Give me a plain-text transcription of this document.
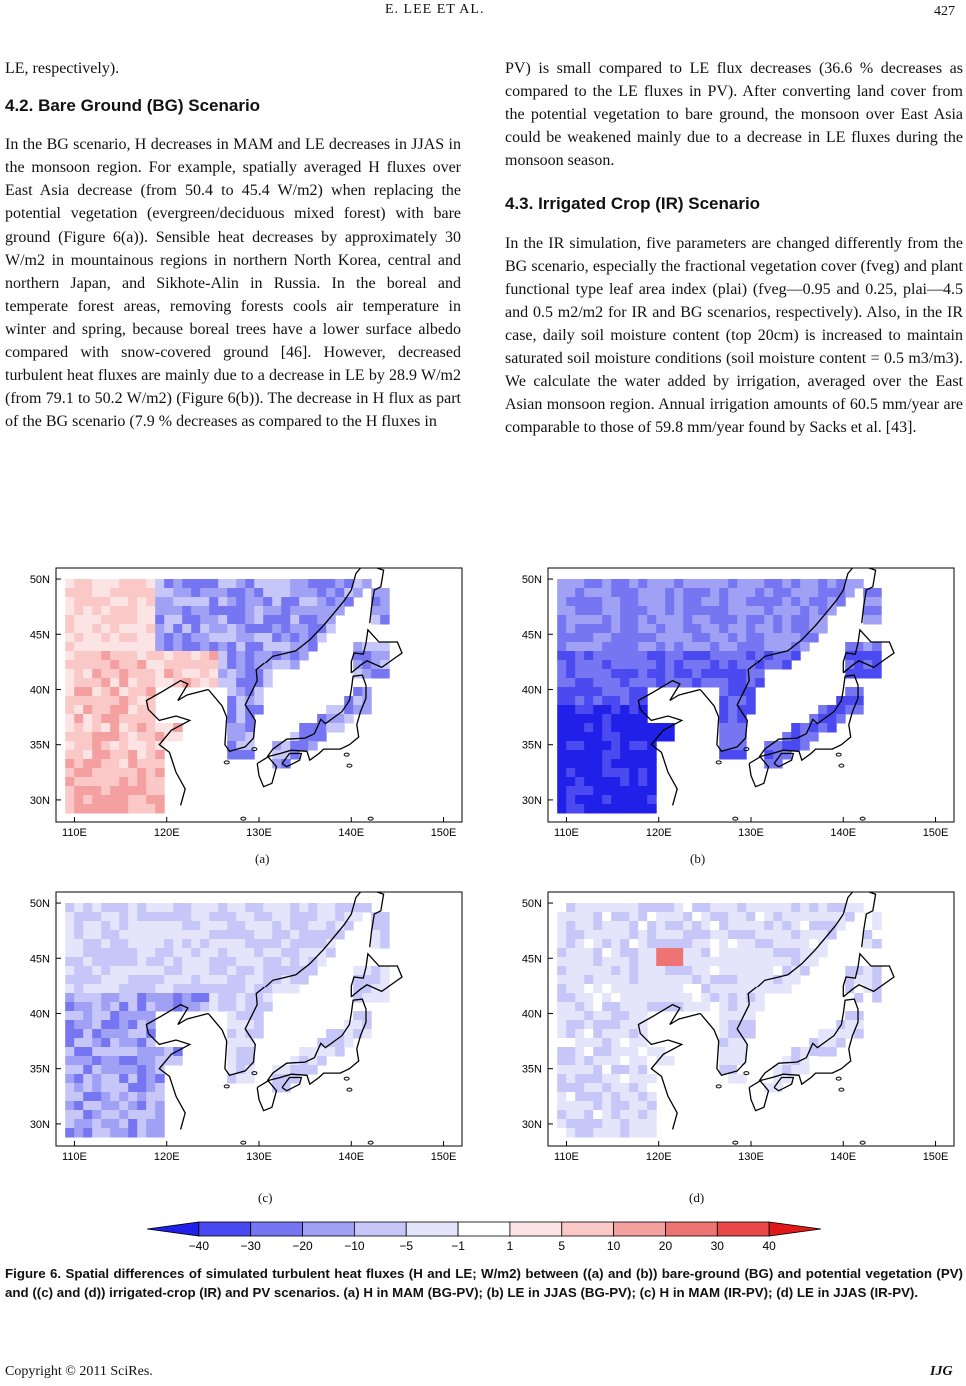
E. LEE ET AL.	427

LE, respectively).

4.2. Bare Ground (BG) Scenario

In the BG scenario, H decreases in MAM and LE decreases in JJAS in the monsoon region. For example, spatially averaged H fluxes over East Asia decrease (from 50.4 to 45.4 W/m2) when replacing the potential vegetation (evergreen/deciduous mixed forest) with bare ground (Figure 6(a)). Sensible heat decreases by approximately 30 W/m2 in mountainous regions in northern North Korea, central and northern Japan, and Sikhote-Alin in Russia. In the boreal and temperate forest areas, removing forests cools air temperature in winter and spring, because boreal trees have a lower surface albedo compared with snow-covered ground [46]. However, decreased turbulent heat fluxes are mainly due to a decrease in LE by 28.9 W/m2 (from 79.1 to 50.2 W/m2) (Figure 6(b)). The decrease in H flux as part of the BG scenario (7.9 % decreases as compared to the H fluxes in

PV) is small compared to LE flux decreases (36.6 % decreases as compared to the LE fluxes in PV). After converting land cover from the potential vegetation to bare ground, the monsoon over East Asia could be weakened mainly due to a decrease in LE fluxes during the monsoon season.

4.3. Irrigated Crop (IR) Scenario

In the IR simulation, five parameters are changed differently from the BG scenario, especially the fractional vegetation cover (fveg) and plant functional type leaf area index (plai) (fveg—0.95 and 0.25, plai—4.5 and 0.5 m2/m2 for IR and BG scenarios, respectively). Also, in the IR case, daily soil moisture content (top 20cm) is increased to maintain saturated soil moisture conditions (soil moisture content = 0.5 m3/m3). We calculate the water added by irrigation, averaged over the East Asian monsoon region. Annual irrigation amounts of 60.5 mm/year are comparable to those of 59.8 mm/year found by Sacks et al. [43].

50N
45N
40N
35N
30N
110E	120E	130E	140E	150E
50N
45N
40N
35N
30N
110E	120E	130E	140E	150E
50N
45N
40N
35N
30N
110E	120E	130E	140E	150E
50N
45N
40N
35N
30N
110E	120E	130E	140E	150E
(a)	(b)
(c)	(d)
−40	−30	−20	−10	−5	−1	1	5	10	20	30	40
Figure 6. Spatial differences of simulated turbulent heat fluxes (H and LE; W/m2) between ((a) and (b)) bare-ground (BG) and potential vegetation (PV) and ((c) and (d)) irrigated-crop (IR) and PV scenarios. (a) H in MAM (BG-PV); (b) LE in JJAS (BG-PV); (c) H in MAM (IR-PV); (d) LE in JJAS (IR-PV).
Copyright © 2011 SciRes.	IJG
